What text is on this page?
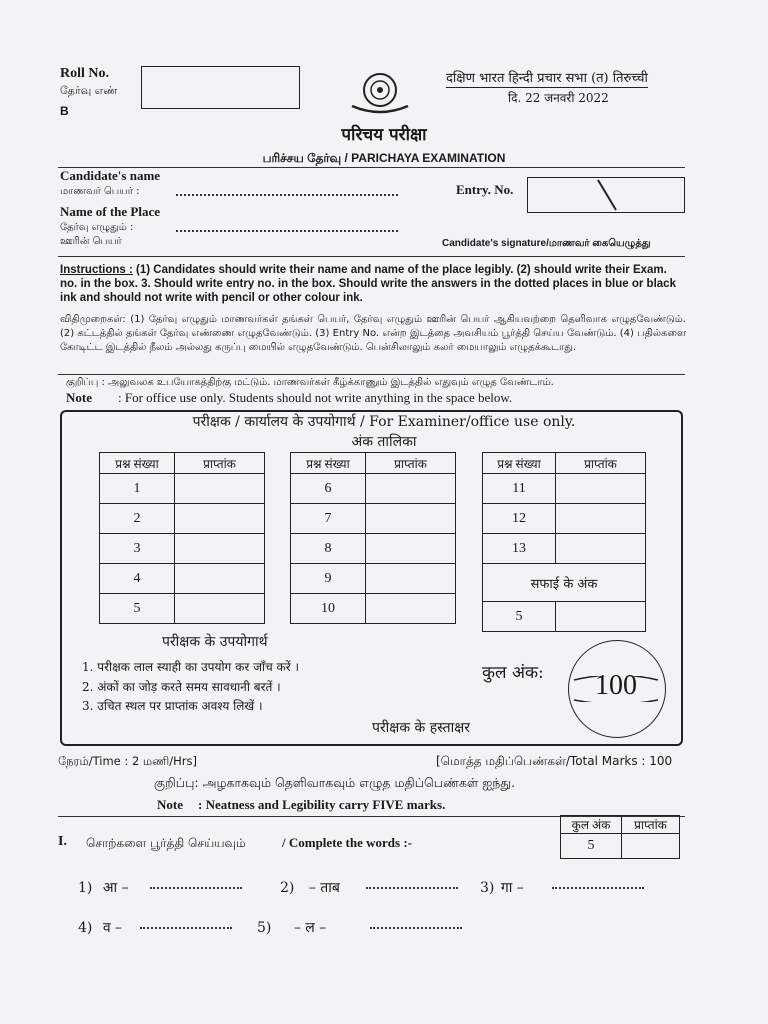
Roll No.
தேர்வு எண்
B
दक्षिण भारत हिन्दी प्रचार सभा (त) तिरुच्ची
दि. 22 जनवरी 2022
परिचय परीक्षा
பரிச்சய தேர்வு / PARICHAYA EXAMINATION
Candidate's name
மாணவர் பெயர் :	Entry. No.
Name of the Place
தேர்வு எழுதும் :
ஊரின் பெயர்	Candidate's signature/மாணவர் கையெழுத்து
Instructions : (1) Candidates should write their name and name of the place legibly. (2) should write their Exam. no. in the box. 3. Should write entry no. in the box. Should write the answers in the dotted places in blue or black ink and should not write with pencil or other colour ink.
விதிமுறைகள்: (1) தேர்வு எழுதும் மாணவர்கள் தங்கள் பெயர், தேர்வு எழுதும் ஊரின் பெயர் ஆகியவற்றை தெளிவாக எழுதவேண்டும். (2) கட்டத்தில் தங்கள் தேர்வு எண்ணை எழுதவேண்டும். (3) Entry No. என்ற இடத்தை அவசியம் பூர்த்தி செய்ய வேண்டும். (4) பதில்களை கோடிட்ட இடத்தில் நீலம் அல்லது கருப்பு மையில் எழுதவேண்டும். பென்சிலாலும் கலர் மையாலும் எழுதக்கூடாது.
குறிப்பு : அலுவலக உபயோகத்திற்கு மட்டும். மாணவர்கள் கீழ்க்காணும் இடத்தில் எதுவும் எழுத வேண்டாம்.
Note : For office use only. Students should not write anything in the space below.
परीक्षक / कार्यालय के उपयोगार्थ / For Examiner/office use only.
अंक तालिका
प्रश्न संख्या	प्राप्तांक
1	
2	
3	
4	
5	
प्रश्न संख्या	प्राप्तांक
6	
7	
8	
9	
10	
प्रश्न संख्या	प्राप्तांक
11	
12	
13	
सफाई के अंक	
5	
परीक्षक के उपयोगार्थ
1. परीक्षक लाल स्याही का उपयोग कर जाँच करें ।
2. अंकों का जोड़ करते समय सावधानी बरतें ।
3. उचित स्थल पर प्राप्तांक अवश्य लिखें ।
कुल अंक:	100
परीक्षक के हस्ताक्षर
நேரம்/Time : 2 மணி/Hrs]	[மொத்த மதிப்பெண்கள்/Total Marks : 100
குறிப்பு: அழகாகவும் தெளிவாகவும் எழுத மதிப்பெண்கள் ஐந்து.
Note : Neatness and Legibility carry FIVE marks.
I. சொற்களை பூர்த்தி செய்யவும்	/ Complete the words :-
कुल अंक	प्राप्तांक
5	
1) आ –	2) – ताब	3) गा –
4) व –	5) – ल –
